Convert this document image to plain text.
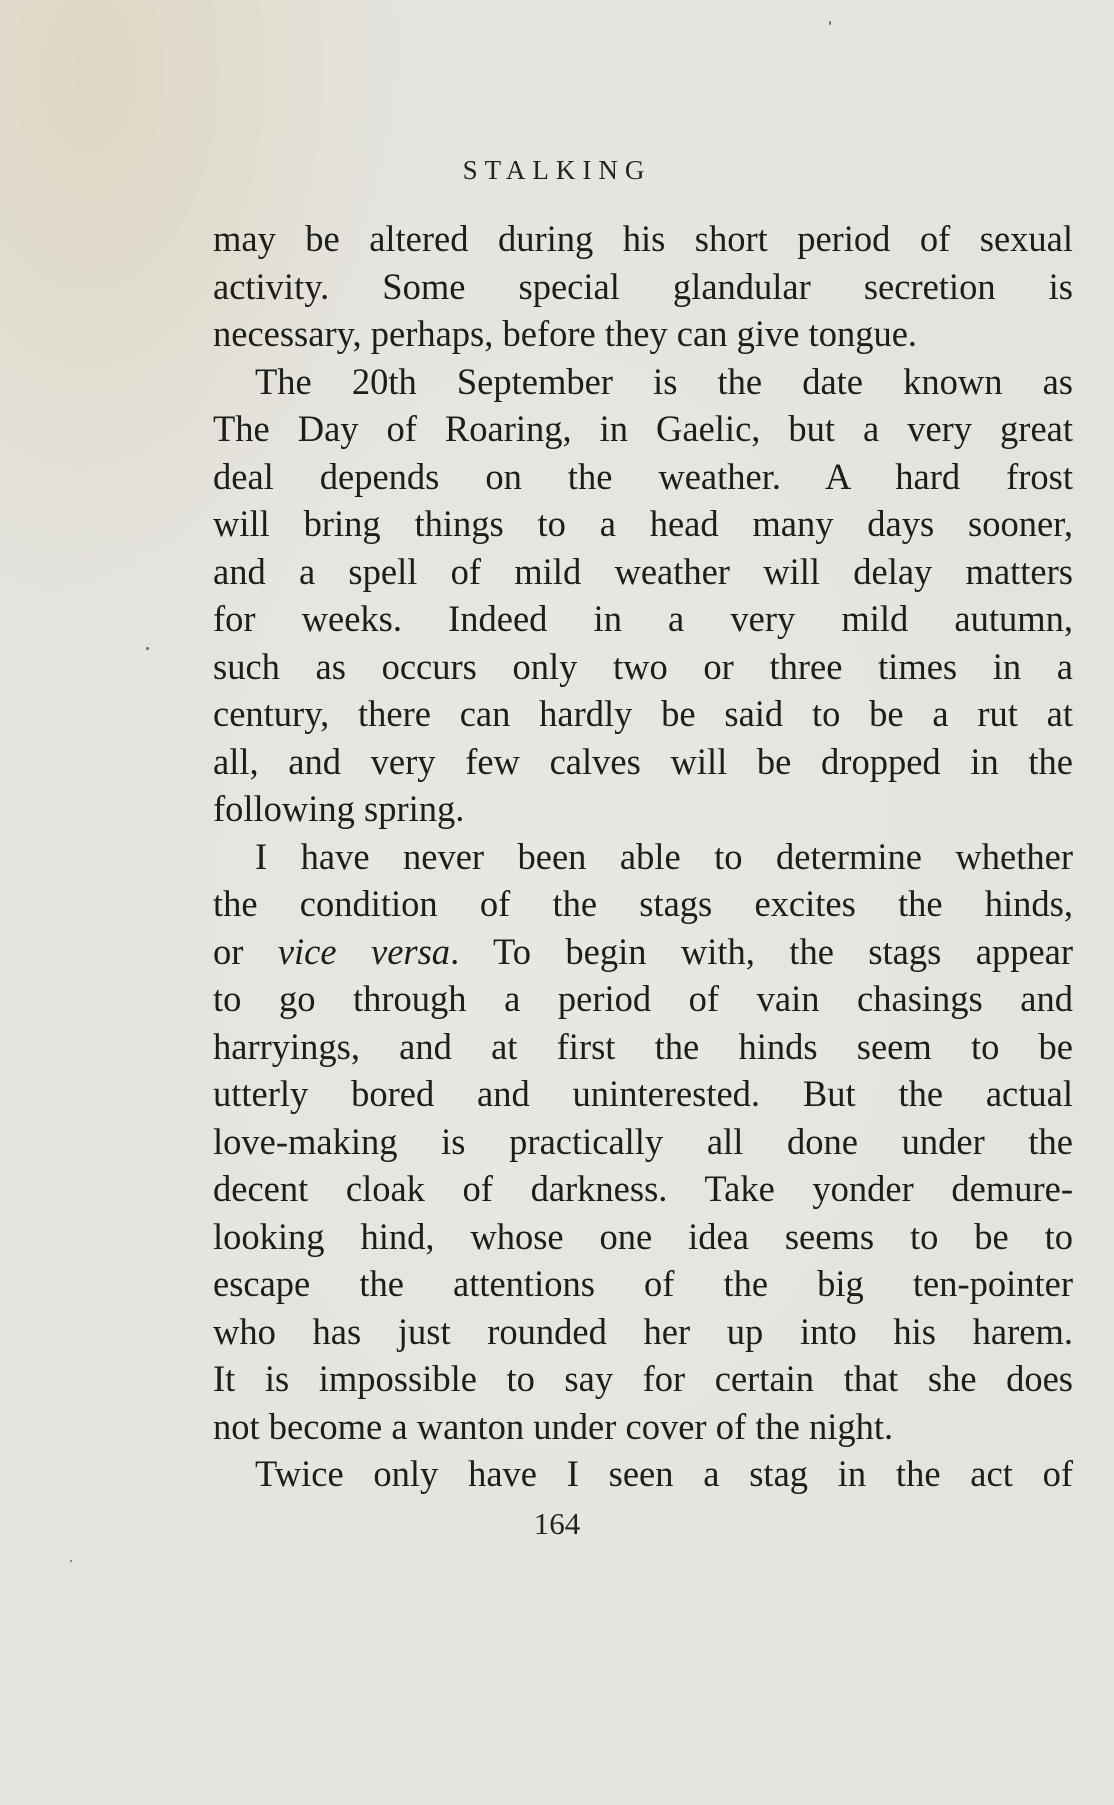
STALKING
may be altered during his short period of sexual
activity. Some special glandular secretion is
necessary, perhaps, before they can give tongue.
The 20th September is the date known as
The Day of Roaring, in Gaelic, but a very great
deal depends on the weather. A hard frost
will bring things to a head many days sooner,
and a spell of mild weather will delay matters
for weeks. Indeed in a very mild autumn,
such as occurs only two or three times in a
century, there can hardly be said to be a rut at
all, and very few calves will be dropped in the
following spring.
I have never been able to determine whether
the condition of the stags excites the hinds,
or vice versa. To begin with, the stags appear
to go through a period of vain chasings and
harryings, and at first the hinds seem to be
utterly bored and uninterested. But the actual
love-making is practically all done under the
decent cloak of darkness. Take yonder demure-
looking hind, whose one idea seems to be to
escape the attentions of the big ten-pointer
who has just rounded her up into his harem.
It is impossible to say for certain that she does
not become a wanton under cover of the night.
Twice only have I seen a stag in the act of
164
